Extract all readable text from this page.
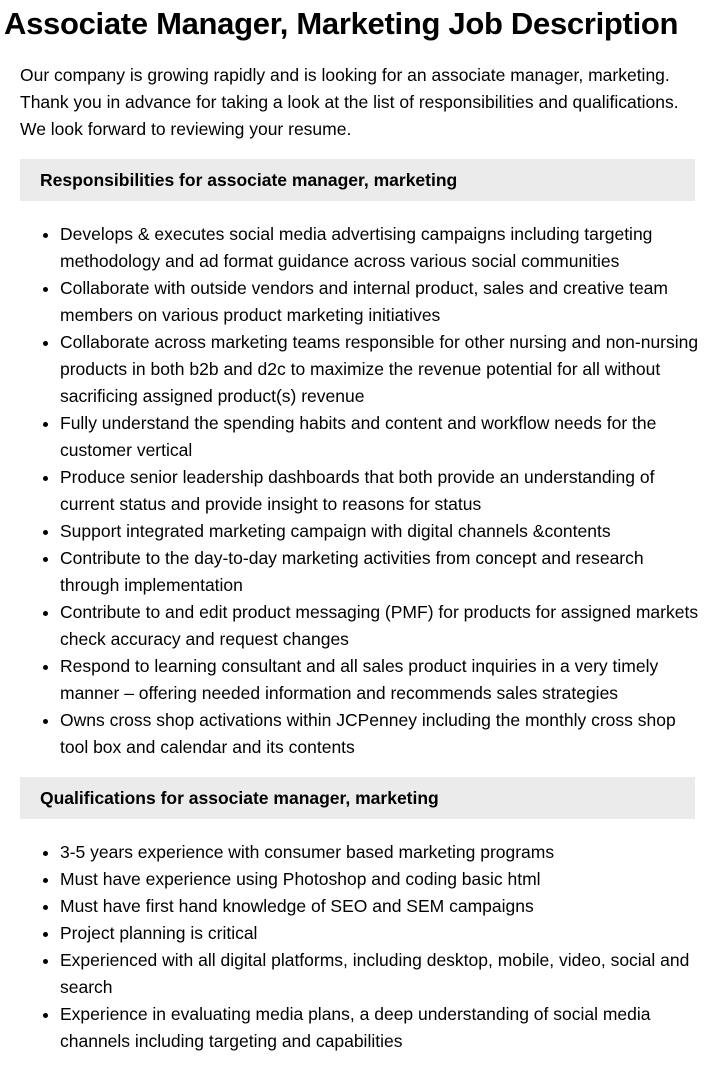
Associate Manager, Marketing Job Description

Our company is growing rapidly and is looking for an associate manager, marketing. Thank you in advance for taking a look at the list of responsibilities and qualifications. We look forward to reviewing your resume.

Responsibilities for associate manager, marketing
• Develops & executes social media advertising campaigns including targeting methodology and ad format guidance across various social communities
• Collaborate with outside vendors and internal product, sales and creative team members on various product marketing initiatives
• Collaborate across marketing teams responsible for other nursing and non-nursing products in both b2b and d2c to maximize the revenue potential for all without sacrificing assigned product(s) revenue
• Fully understand the spending habits and content and workflow needs for the customer vertical
• Produce senior leadership dashboards that both provide an understanding of current status and provide insight to reasons for status
• Support integrated marketing campaign with digital channels &contents
• Contribute to the day-to-day marketing activities from concept and research through implementation
• Contribute to and edit product messaging (PMF) for products for assigned markets check accuracy and request changes
• Respond to learning consultant and all sales product inquiries in a very timely manner – offering needed information and recommends sales strategies
• Owns cross shop activations within JCPenney including the monthly cross shop tool box and calendar and its contents
Qualifications for associate manager, marketing
• 3-5 years experience with consumer based marketing programs
• Must have experience using Photoshop and coding basic html
• Must have first hand knowledge of SEO and SEM campaigns
• Project planning is critical
• Experienced with all digital platforms, including desktop, mobile, video, social and search
• Experience in evaluating media plans, a deep understanding of social media channels including targeting and capabilities
